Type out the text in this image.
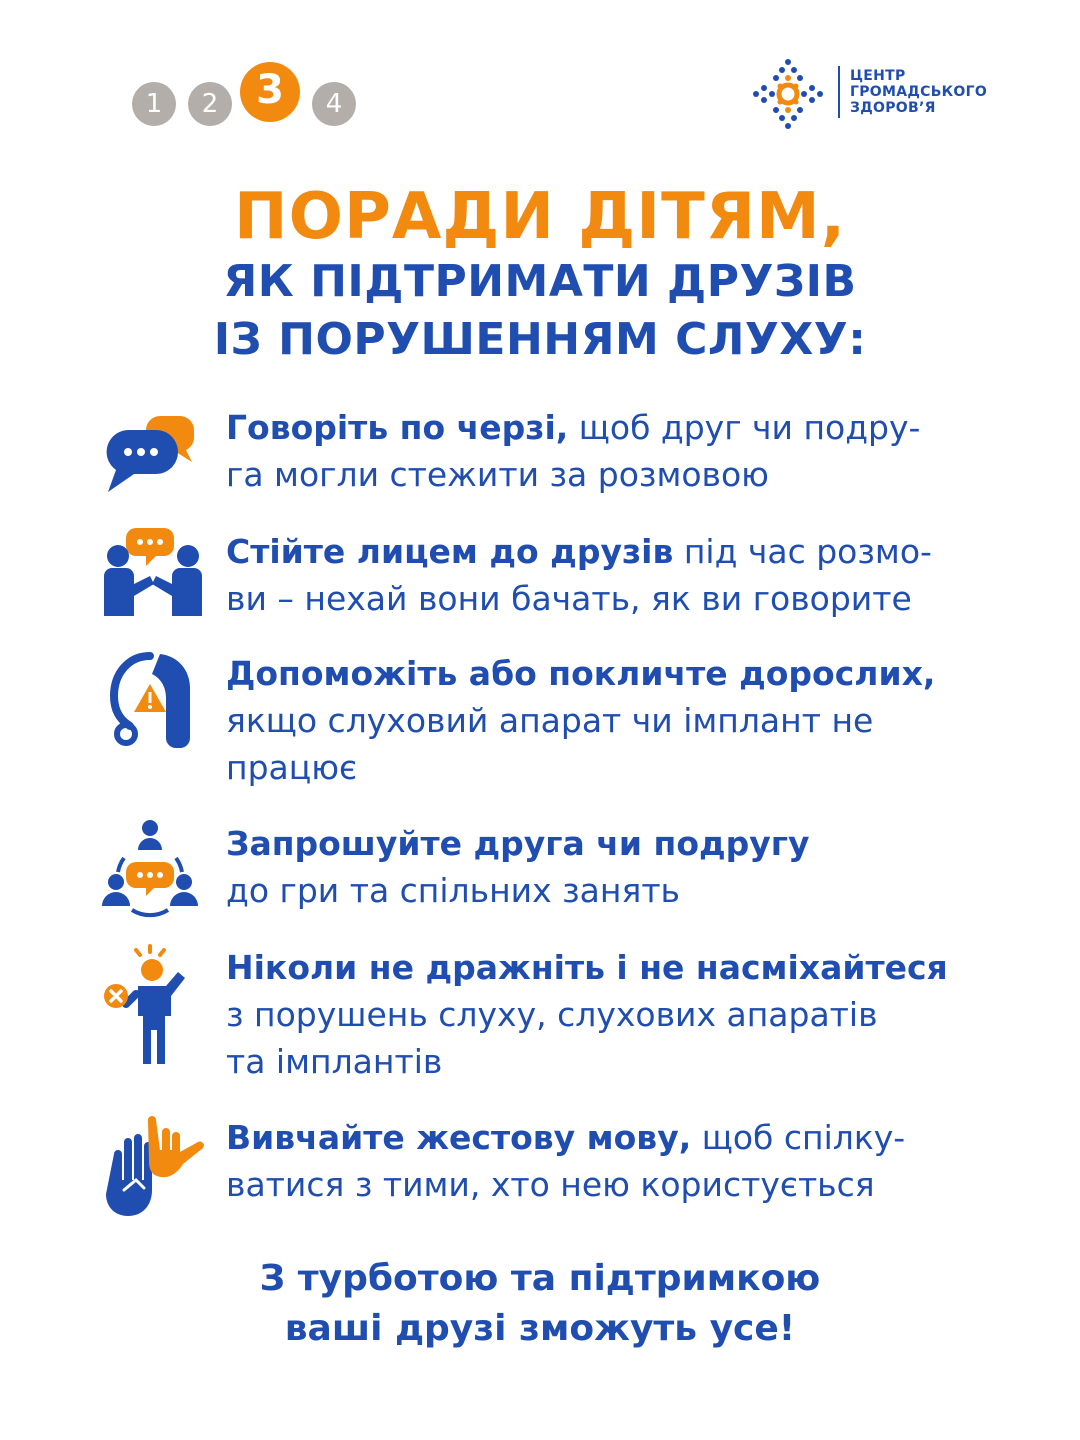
1	2 3	4
ЦЕНТР
ГРОМАДСЬКОГО
ЗДОРОВ’Я
ПОРАДИ ДІТЯМ,
ЯК ПІДТРИМАТИ ДРУЗІВ
ІЗ ПОРУШЕННЯМ СЛУХУ:
Говоріть по черзі, щоб друг чи подру-
га могли стежити за розмовою
Стійте лицем до друзів під час розмо-
ви – нехай вони бачать, як ви говорите
Допоможіть або покличте дорослих,
якщо слуховий апарат чи імплант не
працює
Запрошуйте друга чи подругу
до гри та спільних занять
Ніколи не дражніть і не насміхайтеся
з порушень слуху, слухових апаратів
та імплантів
Вивчайте жестову мову, щоб спілку-
ватися з тими, хто нею користується
З турботою та підтримкою
ваші друзі зможуть усе!
